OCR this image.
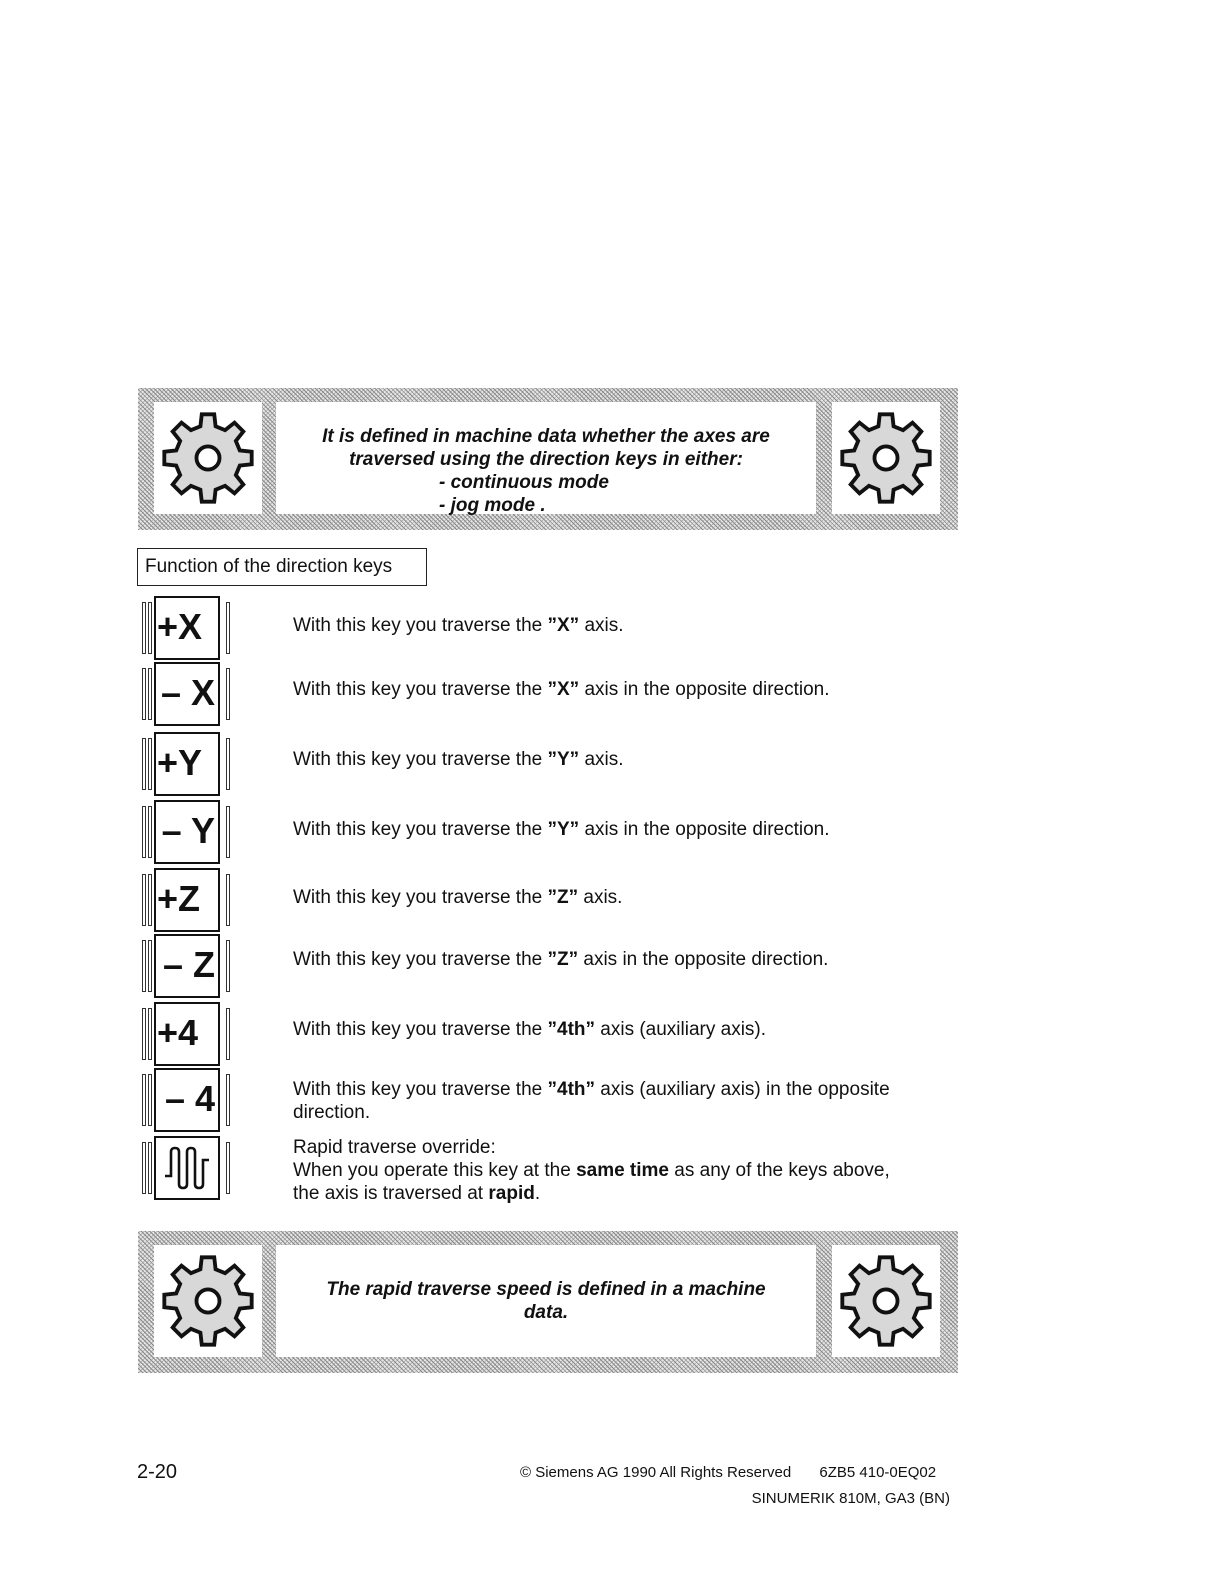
It is defined in machine data whether the axes are
traversed using the direction keys in either:
- continuous mode
- jog mode .
Function of the direction keys
+X	With this key you traverse the ”X” axis.
– X	With this key you traverse the ”X” axis in the opposite direction.
+Y	With this key you traverse the ”Y” axis.
– Y	With this key you traverse the ”Y” axis in the opposite direction.
+Z	With this key you traverse the ”Z” axis.
– Z	With this key you traverse the ”Z” axis in the opposite direction.
+4	With this key you traverse the ”4th” axis (auxiliary axis).
– 4	With this key you traverse the ”4th” axis (auxiliary axis) in the opposite direction.
Rapid traverse override:
When you operate this key at the same time as any of the keys above, the axis is traversed at rapid.
The rapid traverse speed is defined in a machine
data.
2-20	© Siemens AG 1990 All Rights Reserved 6ZB5 410-0EQ02
SINUMERIK 810M, GA3 (BN)
